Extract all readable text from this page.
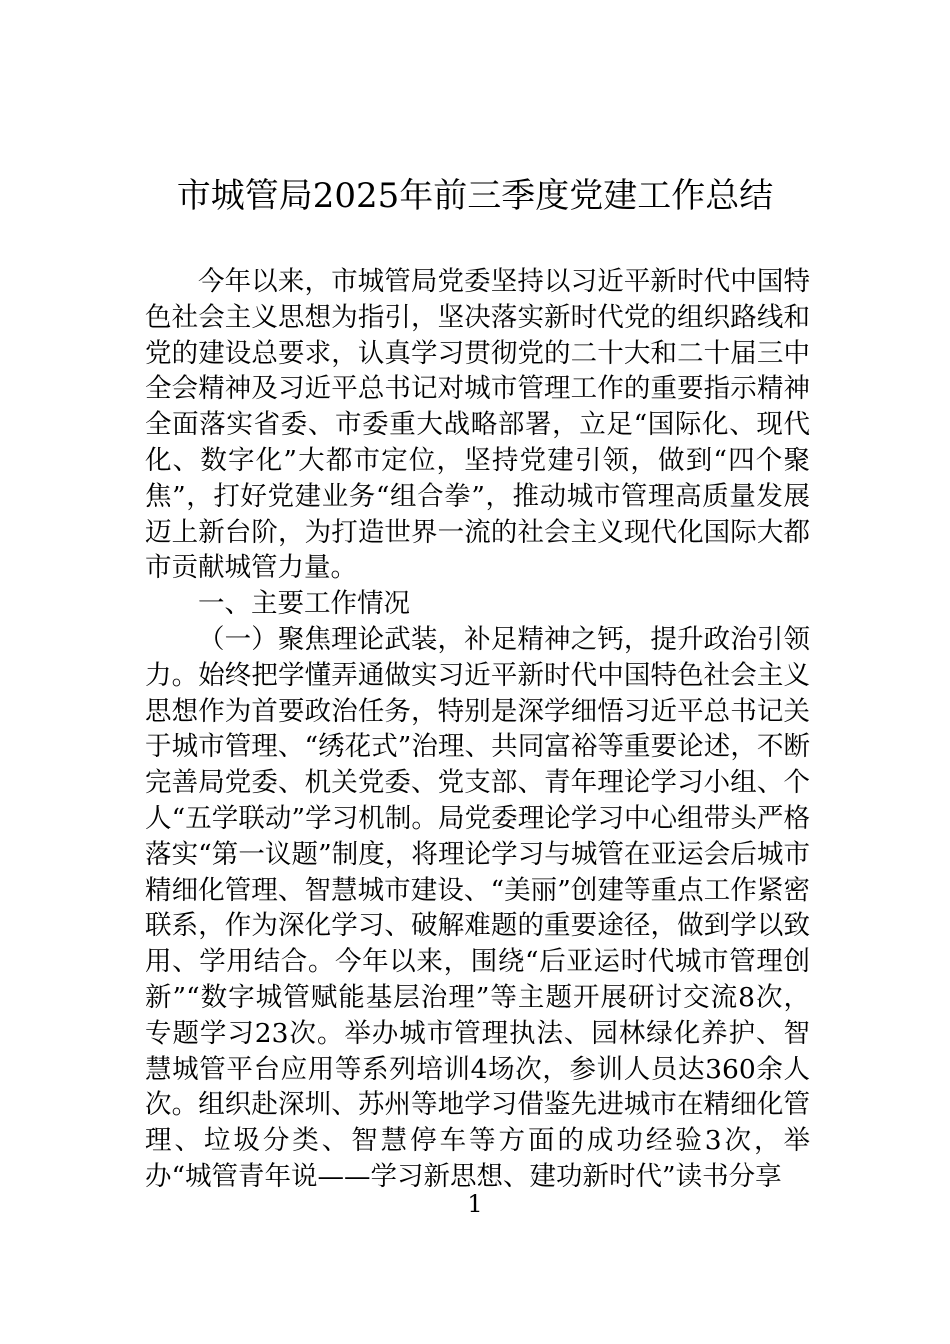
市城管局2025年前三季度党建工作总结

今年以来，市城管局党委坚持以习近平新时代中国特色社会主义思想为指引，坚决落实新时代党的组织路线和党的建设总要求，认真学习贯彻党的二十大和二十届三中全会精神及习近平总书记对城市管理工作的重要指示精神全面落实省委、市委重大战略部署，立足“国际化、现代化、数字化”大都市定位，坚持党建引领，做到“四个聚焦”，打好党建业务“组合拳”，推动城市管理高质量发展迈上新台阶，为打造世界一流的社会主义现代化国际大都市贡献城管力量。

一、主要工作情况

（一）聚焦理论武装，补足精神之钙，提升政治引领力。始终把学懂弄通做实习近平新时代中国特色社会主义思想作为首要政治任务，特别是深学细悟习近平总书记关于城市管理、“绣花式”治理、共同富裕等重要论述，不断完善局党委、机关党委、党支部、青年理论学习小组、个人“五学联动”学习机制。局党委理论学习中心组带头严格落实“第一议题”制度，将理论学习与城管在亚运会后城市精细化管理、智慧城市建设、“美丽”创建等重点工作紧密联系，作为深化学习、破解难题的重要途径，做到学以致用、学用结合。今年以来，围绕“后亚运时代城市管理创新”“数字城管赋能基层治理”等主题开展研讨交流8次，专题学习23次。举办城市管理执法、园林绿化养护、智慧城管平台应用等系列培训4场次，参训人员达360余人次。组织赴深圳、苏州等地学习借鉴先进城市在精细化管理、垃圾分类、智慧停车等方面的成功经验3次，举办“城管青年说——学习新思想、建功新时代”读书分享

1
